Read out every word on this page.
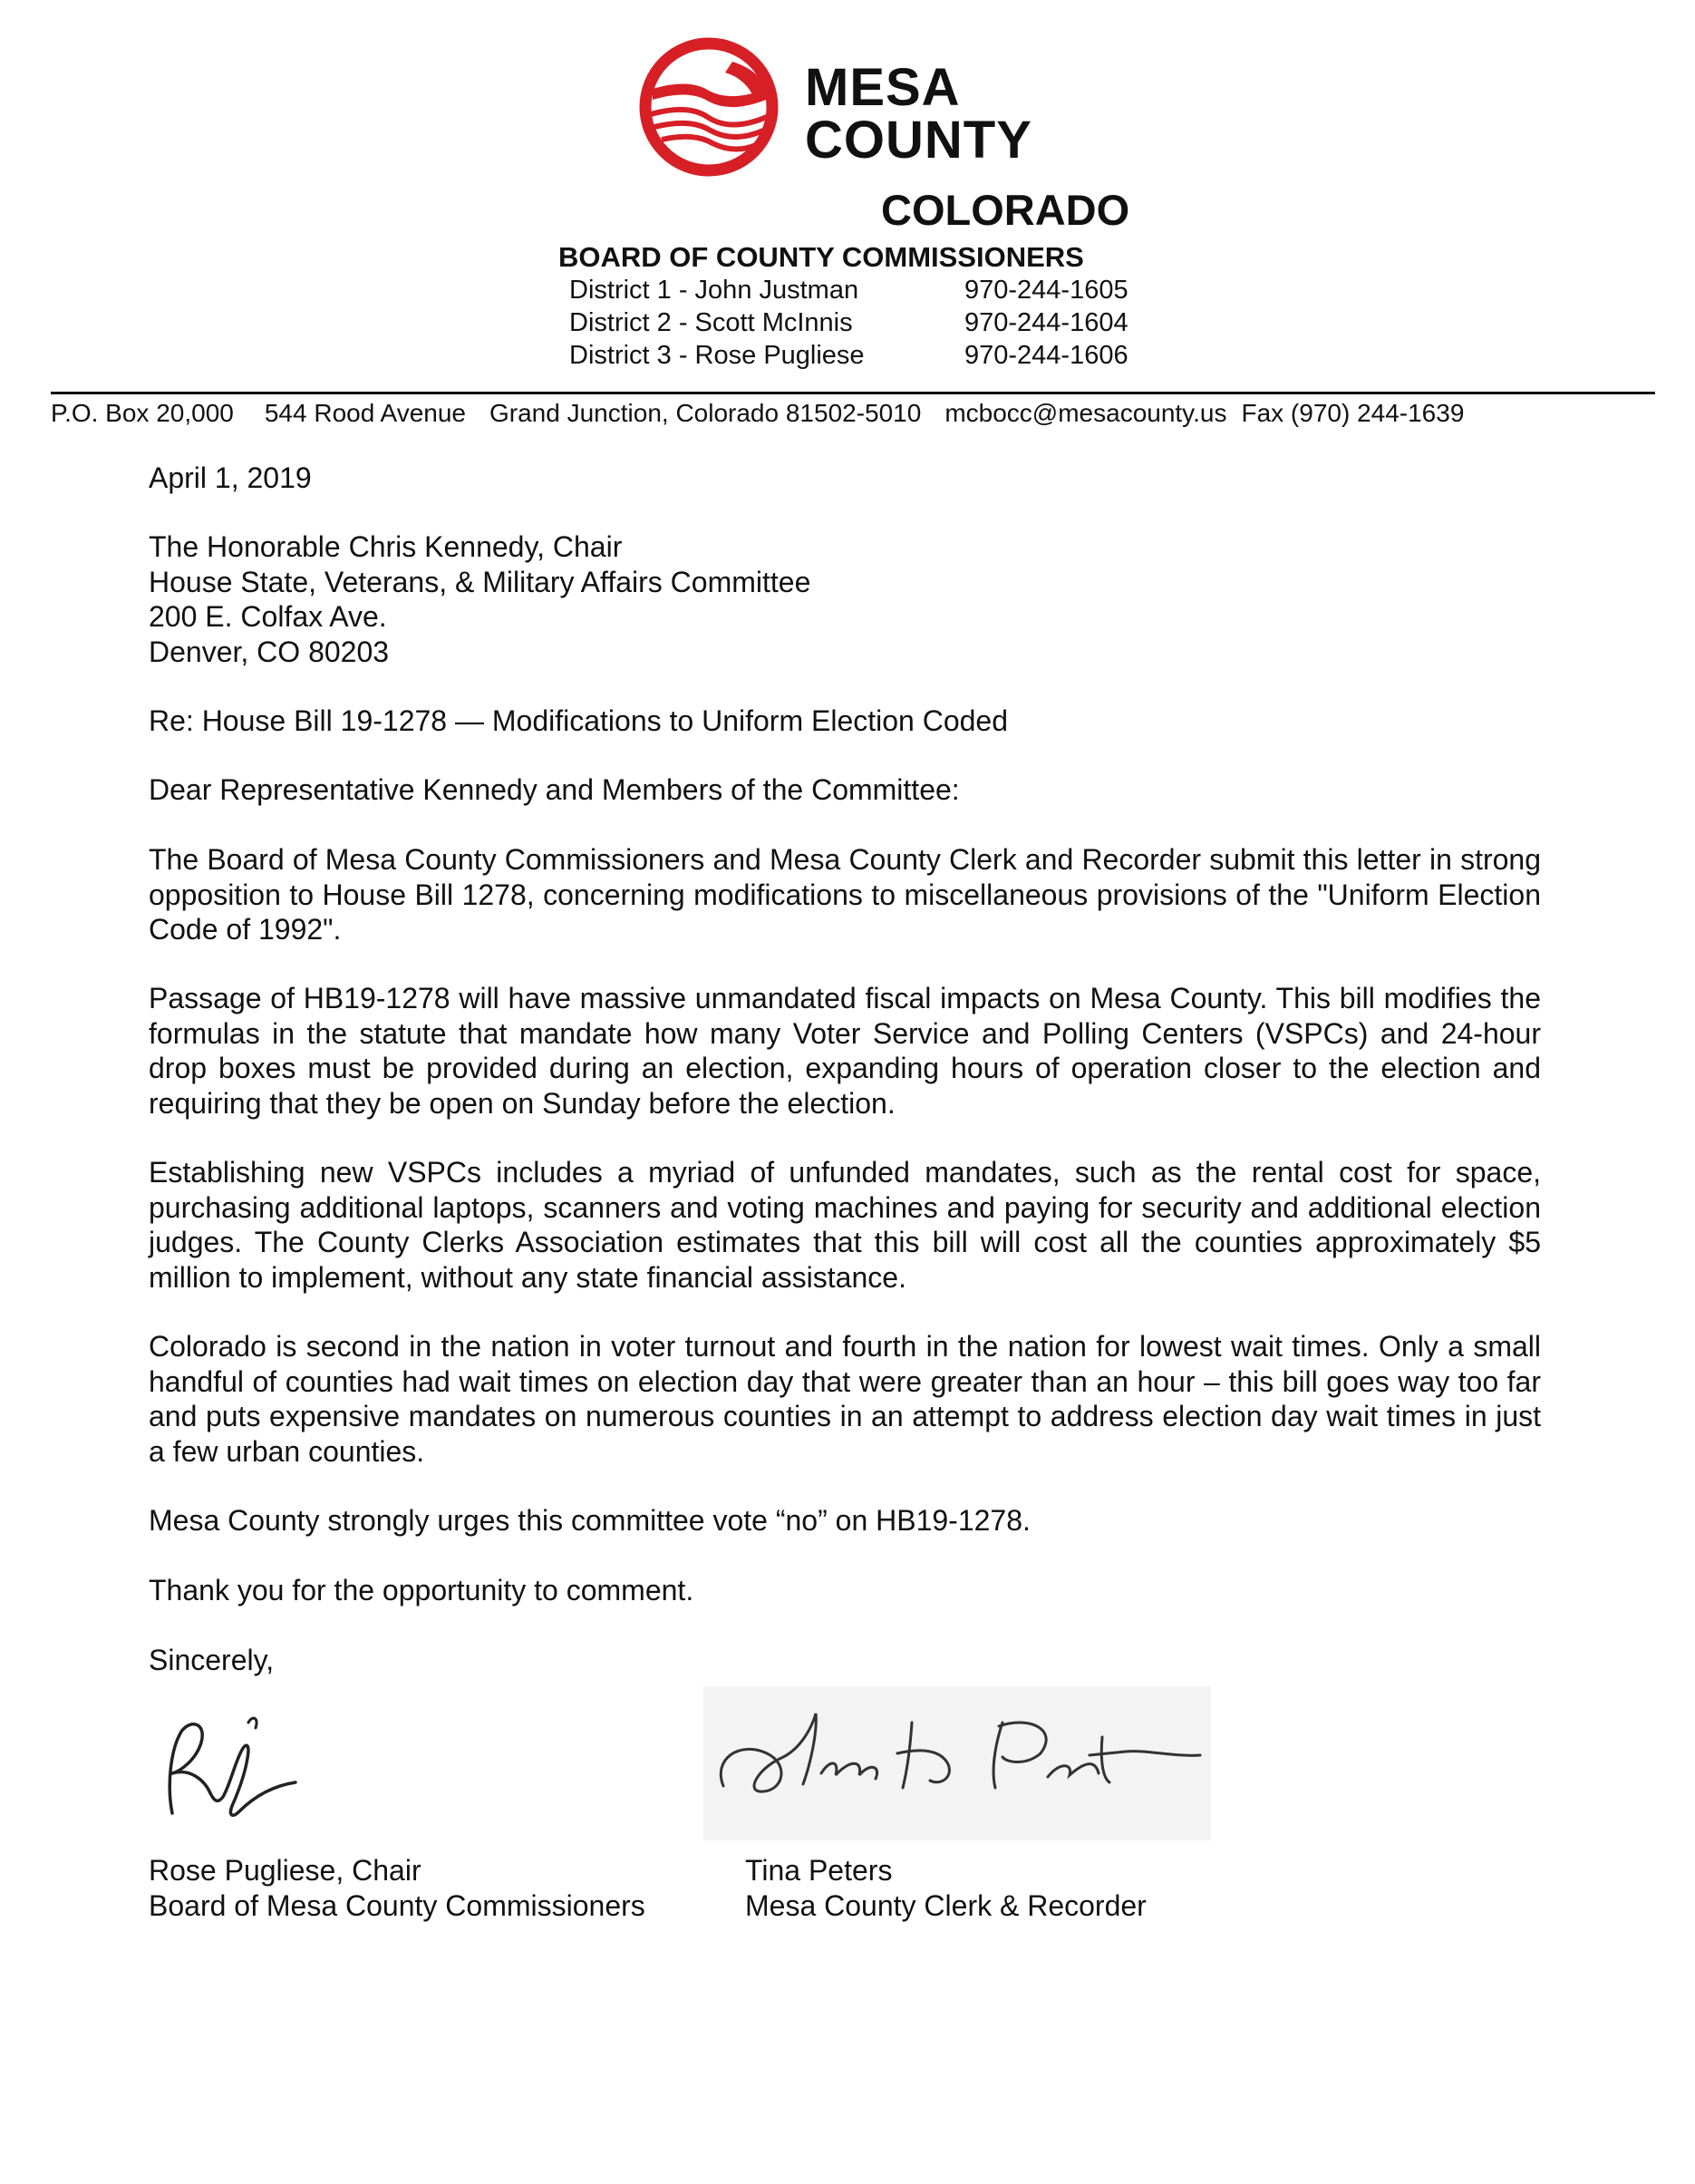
MESA
COUNTY
COLORADO
BOARD OF COUNTY COMMISSIONERS
District 1 - John Justman	970-244-1605
District 2 - Scott McInnis	970-244-1604
District 3 - Rose Pugliese	970-244-1606
P.O. Box 20,000 544 Rood Avenue Grand Junction, Colorado 81502-5010 mcbocc@mesacounty.us Fax (970) 244-1639
April 1, 2019
The Honorable Chris Kennedy, Chair
House State, Veterans, & Military Affairs Committee
200 E. Colfax Ave.
Denver, CO 80203
Re: House Bill 19-1278 — Modifications to Uniform Election Coded
Dear Representative Kennedy and Members of the Committee:
The Board of Mesa County Commissioners and Mesa County Clerk and Recorder submit this letter in strong opposition to House Bill 1278, concerning modifications to miscellaneous provisions of the "Uniform Election Code of 1992".
Passage of HB19-1278 will have massive unmandated fiscal impacts on Mesa County. This bill modifies the formulas in the statute that mandate how many Voter Service and Polling Centers (VSPCs) and 24-hour drop boxes must be provided during an election, expanding hours of operation closer to the election and requiring that they be open on Sunday before the election.
Establishing new VSPCs includes a myriad of unfunded mandates, such as the rental cost for space, purchasing additional laptops, scanners and voting machines and paying for security and additional election judges. The County Clerks Association estimates that this bill will cost all the counties approximately $5 million to implement, without any state financial assistance.
Colorado is second in the nation in voter turnout and fourth in the nation for lowest wait times. Only a small handful of counties had wait times on election day that were greater than an hour – this bill goes way too far and puts expensive mandates on numerous counties in an attempt to address election day wait times in just a few urban counties.
Mesa County strongly urges this committee vote “no” on HB19-1278.
Thank you for the opportunity to comment.
Sincerely,
Rose Pugliese, Chair
Board of Mesa County Commissioners
Tina Peters
Mesa County Clerk & Recorder
